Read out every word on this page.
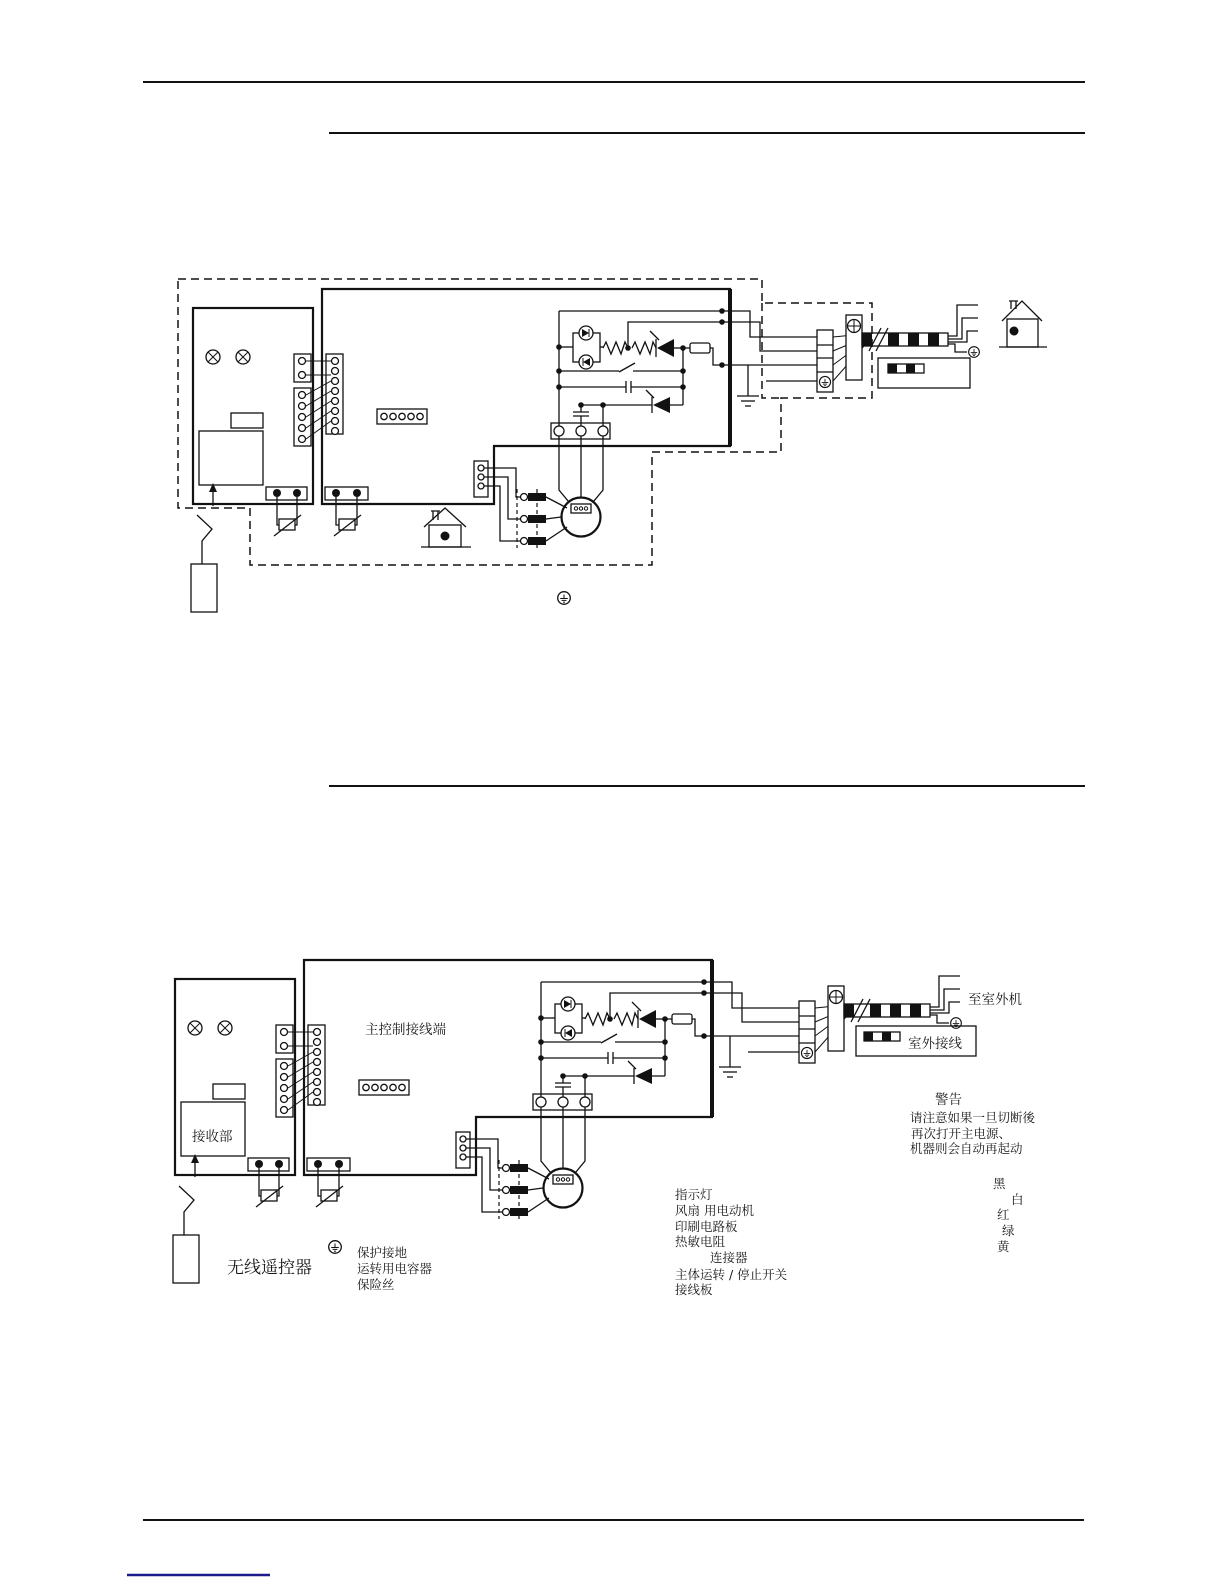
室外接线
主控制接线端
接收部
无线遥控器
至室外机
保护接地
运转用电容器
保险丝
指示灯
风扇 用电动机
印刷电路板
热敏电阻
连接器
主体运转 / 停止开关
接线板
警告
请注意如果一旦切断後
再次打开主电源、
机器则会自动再起动
黑
白
红
绿
黄
